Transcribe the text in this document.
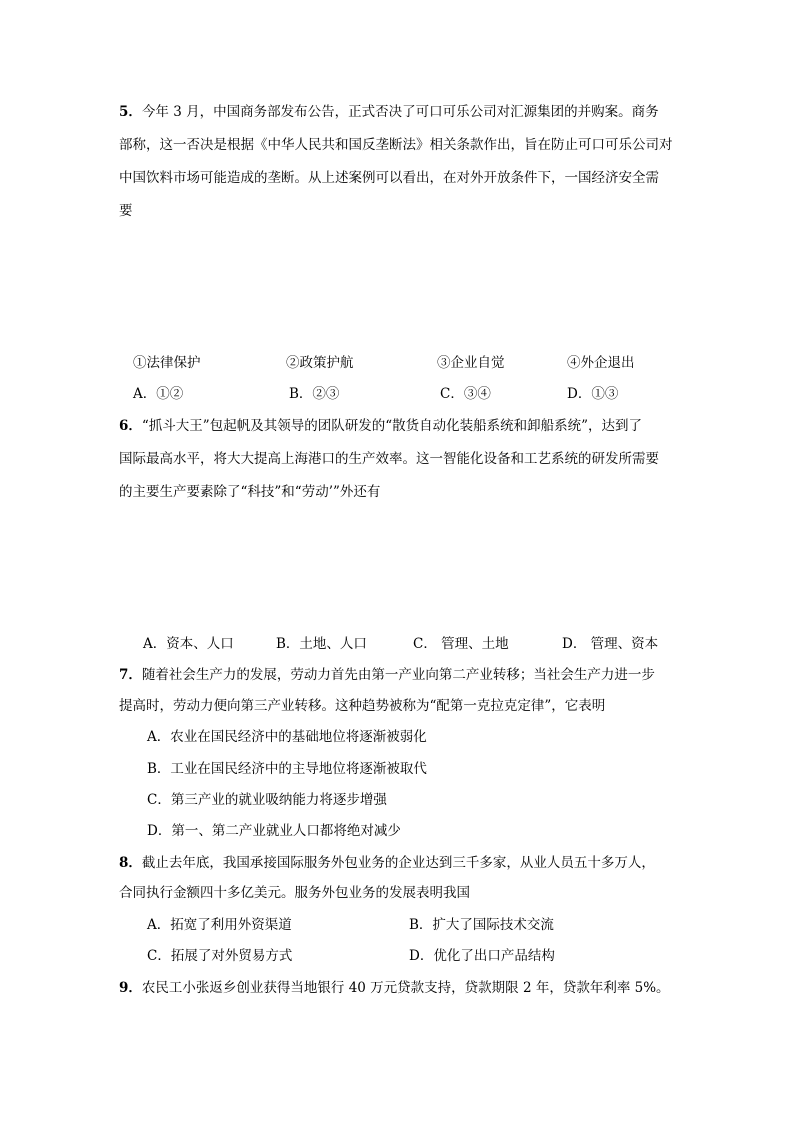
5．今年 3 月，中国商务部发布公告，正式否决了可口可乐公司对汇源集团的并购案。商务
部称，这一否决是根据《中华人民共和国反垄断法》相关条款作出，旨在防止可口可乐公司对
中国饮料市场可能造成的垄断。从上述案例可以看出，在对外开放条件下，一国经济安全需
要
①法律保护	②政策护航	③企业自觉	④外企退出
A．①②	B．②③	C．③④	D．①③
6．“抓斗大王”包起帆及其领导的团队研发的“散货自动化装船系统和卸船系统”，达到了
国际最高水平，将大大提高上海港口的生产效率。这一智能化设备和工艺系统的研发所需要
的主要生产要素除了“科技”和“劳动’”外还有
A．资本、人口	B．土地、人口	C． 管理、土地	D． 管理、资本
7．随着社会生产力的发展，劳动力首先由第一产业向第二产业转移；当社会生产力进一步
提高时，劳动力便向第三产业转移。这种趋势被称为“配第一克拉克定律”，它表明
A．农业在国民经济中的基础地位将逐渐被弱化
B．工业在国民经济中的主导地位将逐渐被取代
C．第三产业的就业吸纳能力将逐步增强
D．第一、第二产业就业人口都将绝对减少
8．截止去年底，我国承接国际服务外包业务的企业达到三千多家，从业人员五十多万人，
合同执行金额四十多亿美元。服务外包业务的发展表明我国
A．拓宽了利用外资渠道	B．扩大了国际技术交流
C．拓展了对外贸易方式	D．优化了出口产品结构
9．农民工小张返乡创业获得当地银行 40 万元贷款支持，贷款期限 2 年，贷款年利率 5%。
